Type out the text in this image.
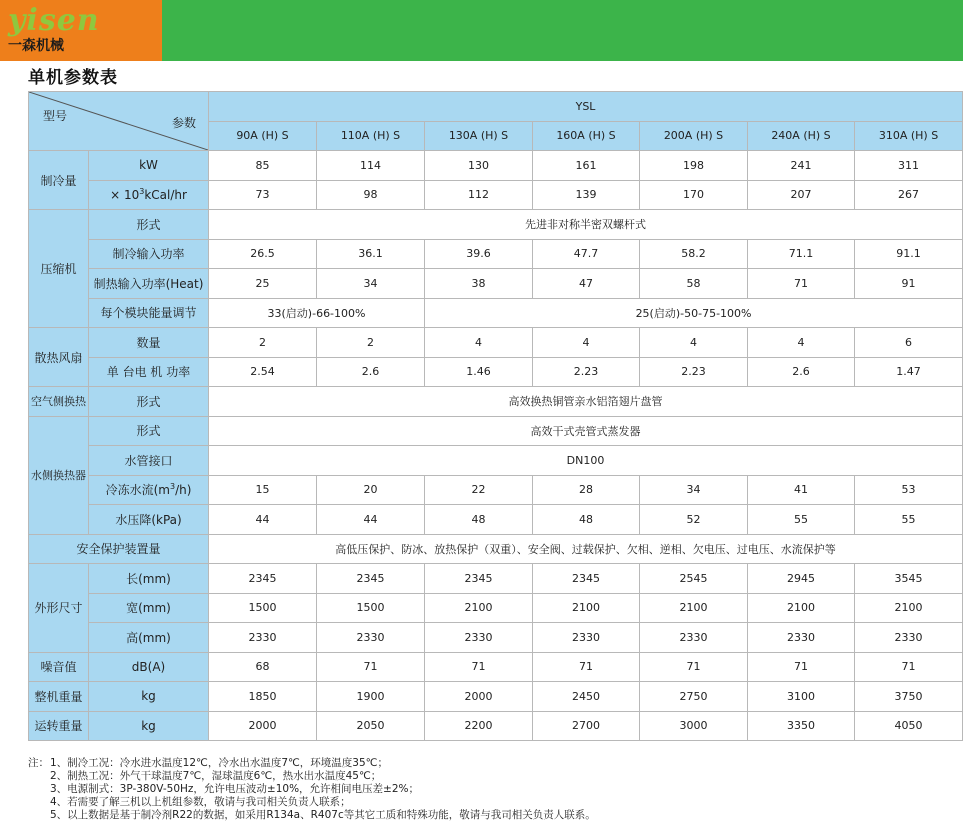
yisen
一森机械
单机参数表
型号 参数		YSL						
		90A (H) S	110A (H) S	130A (H) S	160A (H) S	200A (H) S	240A (H) S	310A (H) S
制冷量	kW	85	114	130	161	198	241	311
	× $10^3kCal/hr$	73	98	112	139	170	207	267
压缩机	形式	先进非对称半密双螺杆式						
	制冷输入功率	26.5	36.1	39.6	47.7	58.2	71.1	91.1
	制热输入功率(Heat)	25	34	38	47	58	71	91
	每个模块能量调节	33(启动)-66-100%		25(启动)-50-75-100%				
散热风扇	数量	2	2	4	4	4	4	6
	单 台电 机 功率	2.54	2.6	1.46	2.23	2.23	2.6	1.47
空气侧换热	形式	高效换热铜管亲水铝箔翅片盘管						
水侧换热器	形式	高效干式壳管式蒸发器						
	水管接口	DN100						
	冷冻水流$(m^3/h)$	15	20	22	28	34	41	53
	水压降(kPa)	44	44	48	48	52	55	55
安全保护装置量		高低压保护、防冰、放热保护（双重）、安全阀、过载保护、欠相、逆相、欠电压、过电压、水流保护等						
外形尺寸	长(mm)	2345	2345	2345	2345	2545	2945	3545
	宽(mm)	1500	1500	2100	2100	2100	2100	2100
	高(mm)	2330	2330	2330	2330	2330	2330	2330
噪音值	dB(A)	68	71	71	71	71	71	71
整机重量	kg	1850	1900	2000	2450	2750	3100	3750
运转重量	kg	2000	2050	2200	2700	3000	3350	4050
注：1、制冷工况：冷水进水温度12℃，冷水出水温度7℃，环境温度35℃；
2、制热工况：外气干球温度7℃，湿球温度6℃，热水出水温度45℃；
3、电源制式：3P-380V-50Hz，允许电压波动±10%，允许相间电压差±2%；
4、若需要了解三机以上机组参数，敬请与我司相关负责人联系；
5、以上数据是基于制冷剂R22的数据，如采用R134a、R407c等其它工质和特殊功能，敬请与我司相关负责人联系。
